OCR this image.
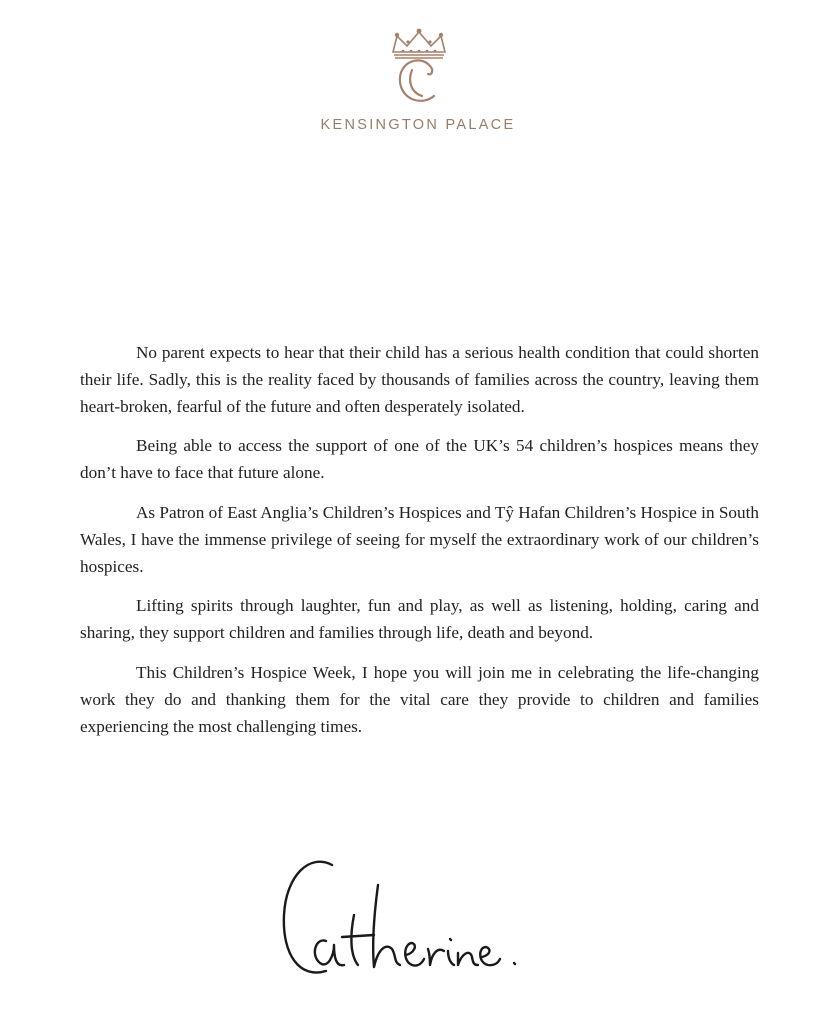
C
KENSINGTON PALACE

No parent expects to hear that their child has a serious health condition that could shorten their life. Sadly, this is the reality faced by thousands of families across the country, leaving them heart-broken, fearful of the future and often desperately isolated.

Being able to access the support of one of the UK’s 54 children’s hospices means they don’t have to face that future alone.

As Patron of East Anglia’s Children’s Hospices and Tŷ Hafan Children’s Hospice in South Wales, I have the immense privilege of seeing for myself the extraordinary work of our children’s hospices.

Lifting spirits through laughter, fun and play, as well as listening, holding, caring and sharing, they support children and families through life, death and beyond.

This Children’s Hospice Week, I hope you will join me in celebrating the life-changing work they do and thanking them for the vital care they provide to children and families experiencing the most challenging times.

Catherine.
